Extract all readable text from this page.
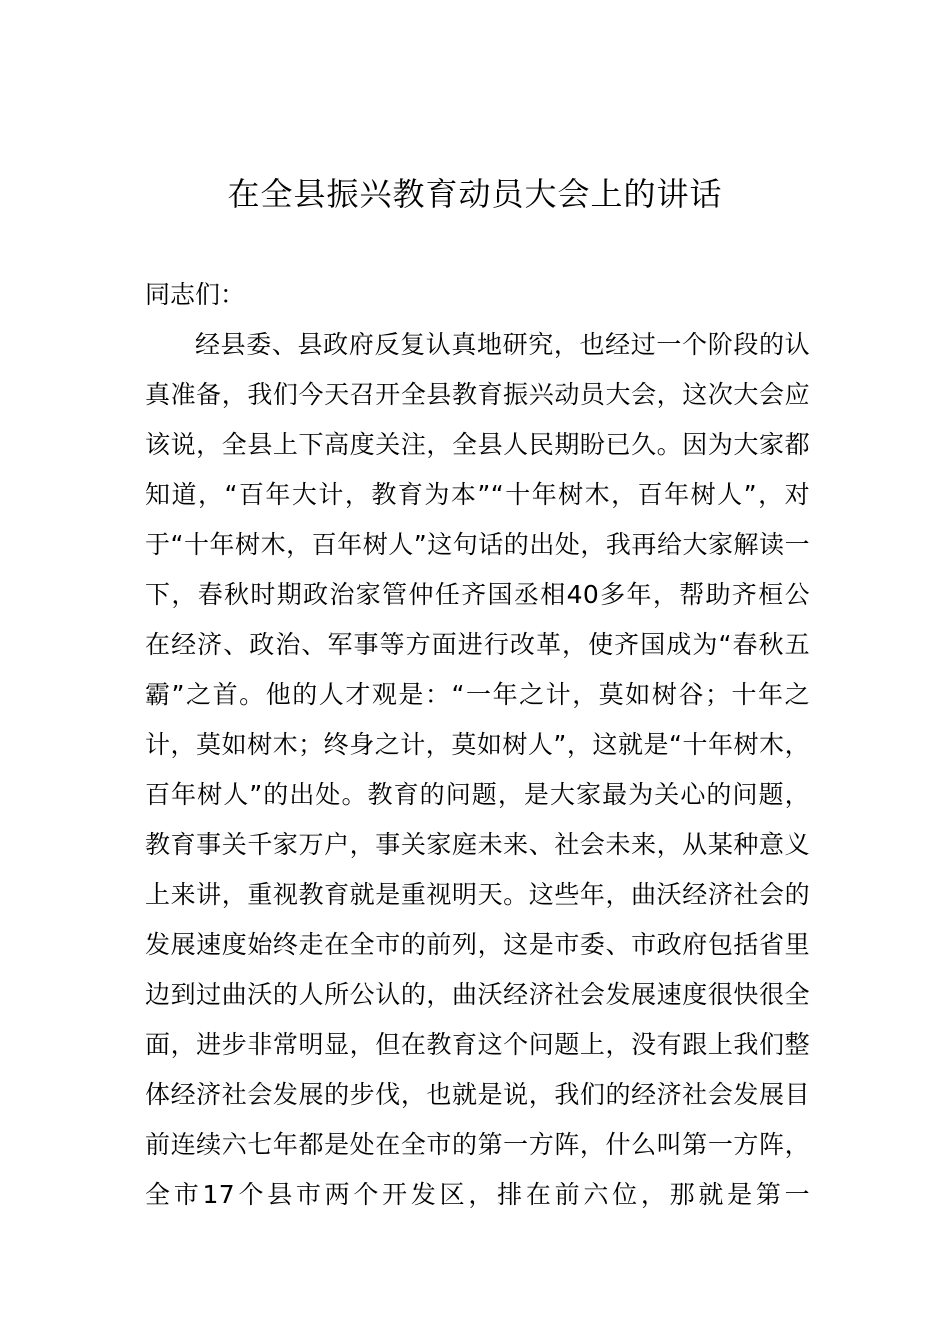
在全县振兴教育动员大会上的讲话

同志们：

经县委、县政府反复认真地研究，也经过一个阶段的认真准备，我们今天召开全县教育振兴动员大会，这次大会应该说，全县上下高度关注，全县人民期盼已久。因为大家都知道，“百年大计，教育为本”“十年树木，百年树人”，对于“十年树木，百年树人”这句话的出处，我再给大家解读一下，春秋时期政治家管仲任齐国丞相40多年，帮助齐桓公在经济、政治、军事等方面进行改革，使齐国成为“春秋五霸”之首。他的人才观是：“一年之计，莫如树谷；十年之计，莫如树木；终身之计，莫如树人”，这就是“十年树木，百年树人”的出处。教育的问题，是大家最为关心的问题，教育事关千家万户，事关家庭未来、社会未来，从某种意义上来讲，重视教育就是重视明天。这些年，曲沃经济社会的发展速度始终走在全市的前列，这是市委、市政府包括省里边到过曲沃的人所公认的，曲沃经济社会发展速度很快很全面，进步非常明显，但在教育这个问题上，没有跟上我们整体经济社会发展的步伐，也就是说，我们的经济社会发展目前连续六七年都是处在全市的第一方阵，什么叫第一方阵，全市17个县市两个开发区，排在前六位，那就是第一
